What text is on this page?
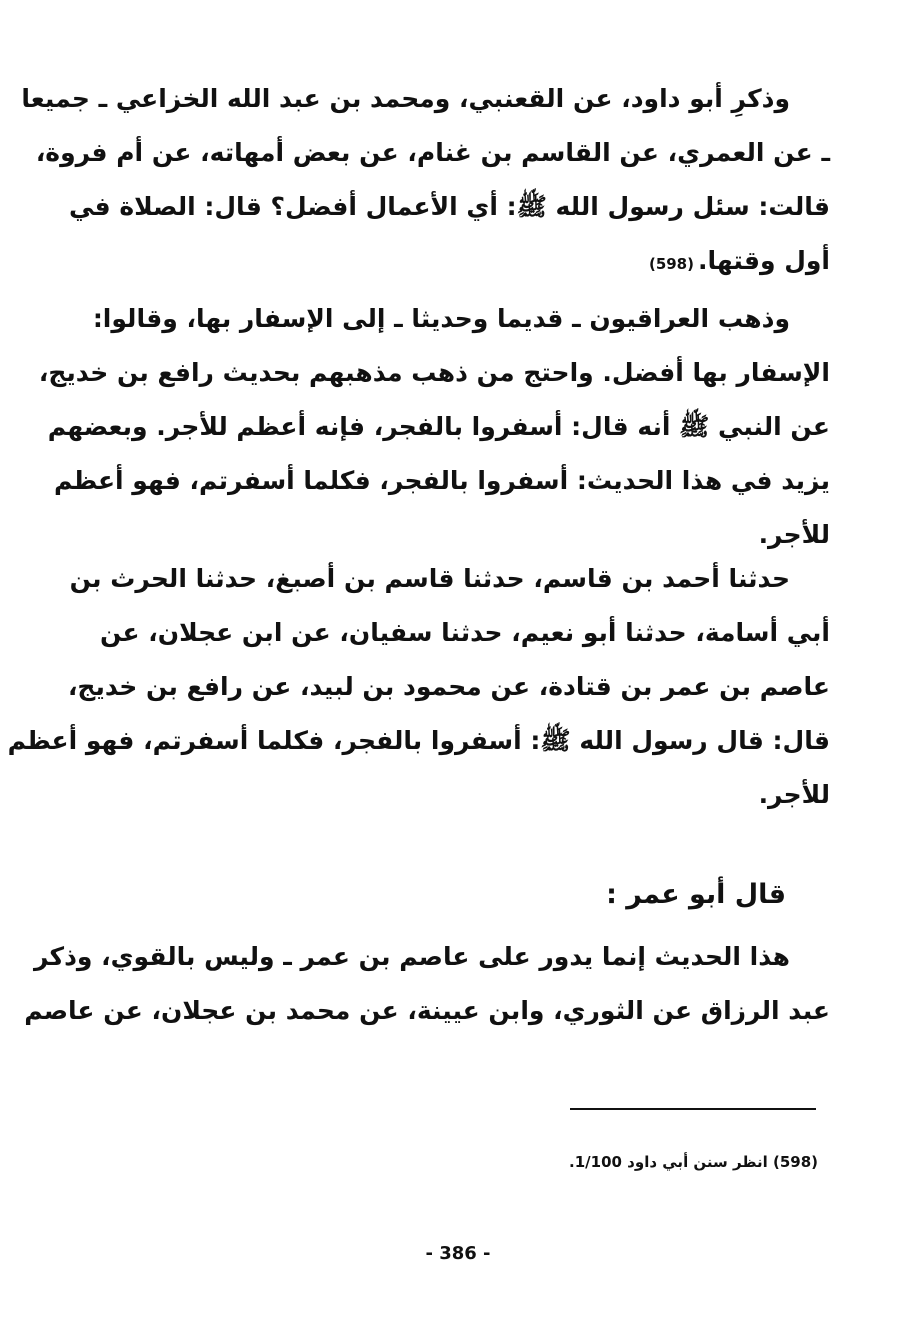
وذكرِ أبو داود، عن القعنبي، ومحمد بن عبد الله الخزاعي ـ جميعا
ـ عن العمري، عن القاسم بن غنام، عن بعض أمهاته، عن أم فروة،
قالت: سئل رسول الله ﷺ: أي الأعمال أفضل؟ قال: الصلاة في
أول وقتها.(598)
وذهب العراقيون ـ قديما وحديثا ـ إلى الإسفار بها، وقالوا:
الإسفار بها أفضل. واحتج من ذهب مذهبهم بحديث رافع بن خديج،
عن النبي ﷺ أنه قال: أسفروا بالفجر، فإنه أعظم للأجر. وبعضهم
يزيد في هذا الحديث: أسفروا بالفجر، فكلما أسفرتم، فهو أعظم
للأجر.
حدثنا أحمد بن قاسم، حدثنا قاسم بن أصبغ، حدثنا الحرث بن
أبي أسامة، حدثنا أبو نعيم، حدثنا سفيان، عن ابن عجلان، عن
عاصم بن عمر بن قتادة، عن محمود بن لبيد، عن رافع بن خديج،
قال: قال رسول الله ﷺ: أسفروا بالفجر، فكلما أسفرتم، فهو أعظم
للأجر.
قال أبو عمر :
هذا الحديث إنما يدور على عاصم بن عمر ـ وليس بالقوي، وذكر
عبد الرزاق عن الثوري، وابن عيينة، عن محمد بن عجلان، عن عاصم
(598) انظر سنن أبي داود 1/100.
- 386 -
